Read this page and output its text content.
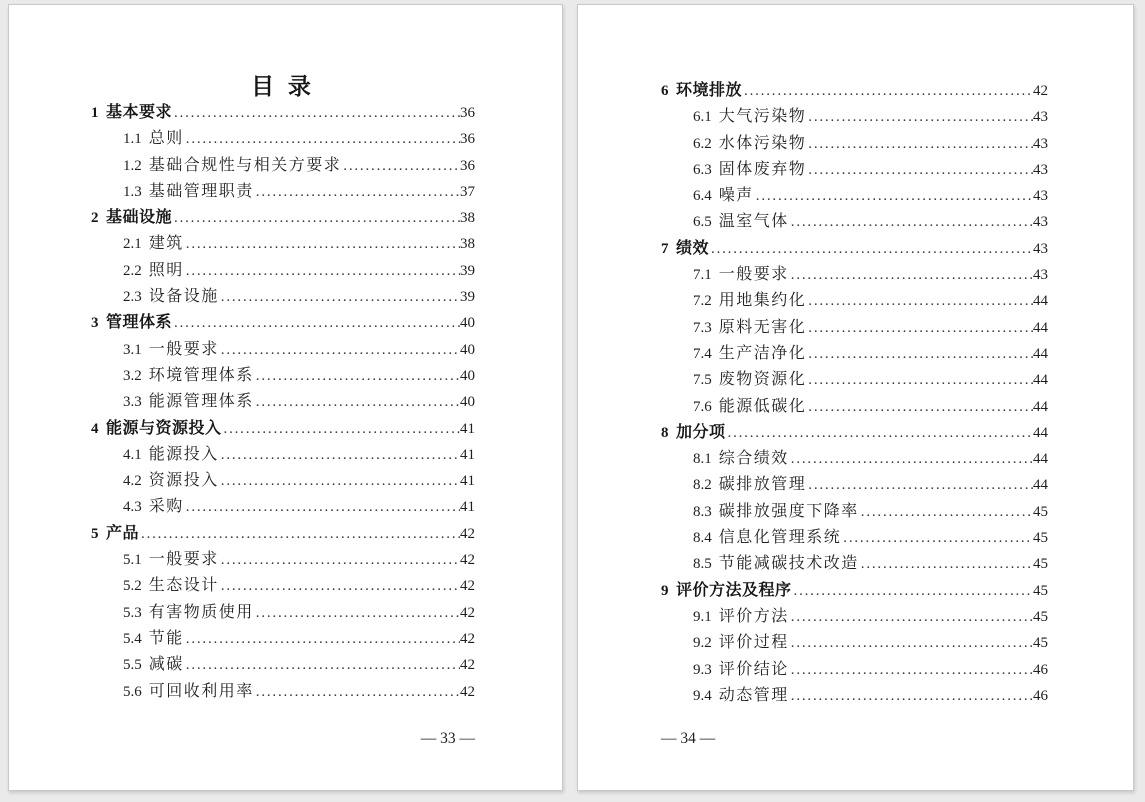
目 录
1 基本要求 .....	36
1.1 总则 .....	36
1.2 基础合规性与相关方要求 .....	36
1.3 基础管理职责 .....	37
2 基础设施 .....	38
2.1 建筑 .....	38
2.2 照明 .....	39
2.3 设备设施 .....	39
3 管理体系 .....	40
3.1 一般要求 .....	40
3.2 环境管理体系 .....	40
3.3 能源管理体系 .....	40
4 能源与资源投入 .....	41
4.1 能源投入 .....	41
4.2 资源投入 .....	41
4.3 采购 .....	41
5 产品 .....	42
5.1 一般要求 .....	42
5.2 生态设计 .....	42
5.3 有害物质使用 .....	42
5.4 节能 .....	42
5.5 减碳 .....	42
5.6 可回收利用率 .....	42
— 33 —
6 环境排放 .....	42
6.1 大气污染物 .....	43
6.2 水体污染物 .....	43
6.3 固体废弃物 .....	43
6.4 噪声 .....	43
6.5 温室气体 .....	43
7 绩效 .....	43
7.1 一般要求 .....	43
7.2 用地集约化 .....	44
7.3 原料无害化 .....	44
7.4 生产洁净化 .....	44
7.5 废物资源化 .....	44
7.6 能源低碳化 .....	44
8 加分项 .....	44
8.1 综合绩效 .....	44
8.2 碳排放管理 .....	44
8.3 碳排放强度下降率 .....	45
8.4 信息化管理系统 .....	45
8.5 节能减碳技术改造 .....	45
9 评价方法及程序 .....	45
9.1 评价方法 .....	45
9.2 评价过程 .....	45
9.3 评价结论 .....	46
9.4 动态管理 .....	46
— 34 —
